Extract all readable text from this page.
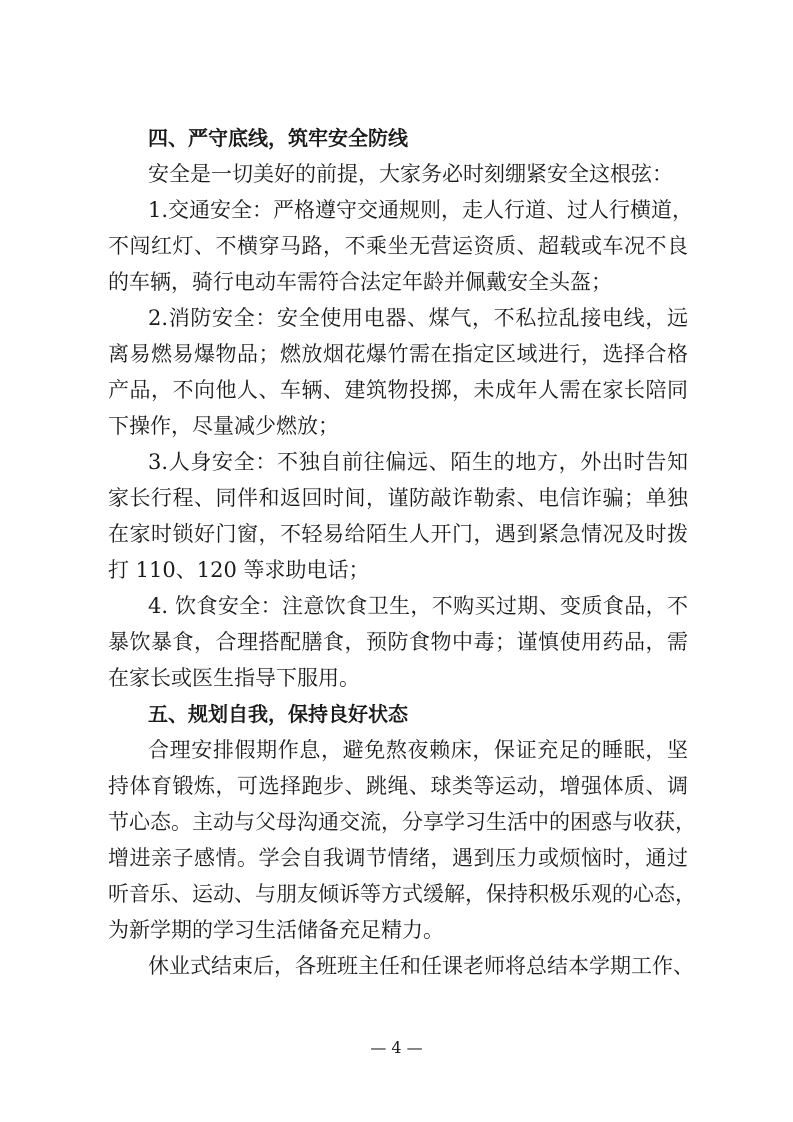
四、严守底线，筑牢安全防线
安全是一切美好的前提，大家务必时刻绷紧安全这根弦：
1.交通安全：严格遵守交通规则，走人行道、过人行横道，
不闯红灯、不横穿马路，不乘坐无营运资质、超载或车况不良
的车辆，骑行电动车需符合法定年龄并佩戴安全头盔；
2.消防安全：安全使用电器、煤气，不私拉乱接电线，远
离易燃易爆物品；燃放烟花爆竹需在指定区域进行，选择合格
产品，不向他人、车辆、建筑物投掷，未成年人需在家长陪同
下操作，尽量减少燃放；
3.人身安全：不独自前往偏远、陌生的地方，外出时告知
家长行程、同伴和返回时间，谨防敲诈勒索、电信诈骗；单独
在家时锁好门窗，不轻易给陌生人开门，遇到紧急情况及时拨
打 110、120 等求助电话；
4. 饮食安全：注意饮食卫生，不购买过期、变质食品，不
暴饮暴食，合理搭配膳食，预防食物中毒；谨慎使用药品，需
在家长或医生指导下服用。
五、规划自我，保持良好状态
合理安排假期作息，避免熬夜赖床，保证充足的睡眠，坚
持体育锻炼，可选择跑步、跳绳、球类等运动，增强体质、调
节心态。主动与父母沟通交流，分享学习生活中的困惑与收获，
增进亲子感情。学会自我调节情绪，遇到压力或烦恼时，通过
听音乐、运动、与朋友倾诉等方式缓解，保持积极乐观的心态，
为新学期的学习生活储备充足精力。
休业式结束后，各班班主任和任课老师将总结本学期工作、
— 4 —
